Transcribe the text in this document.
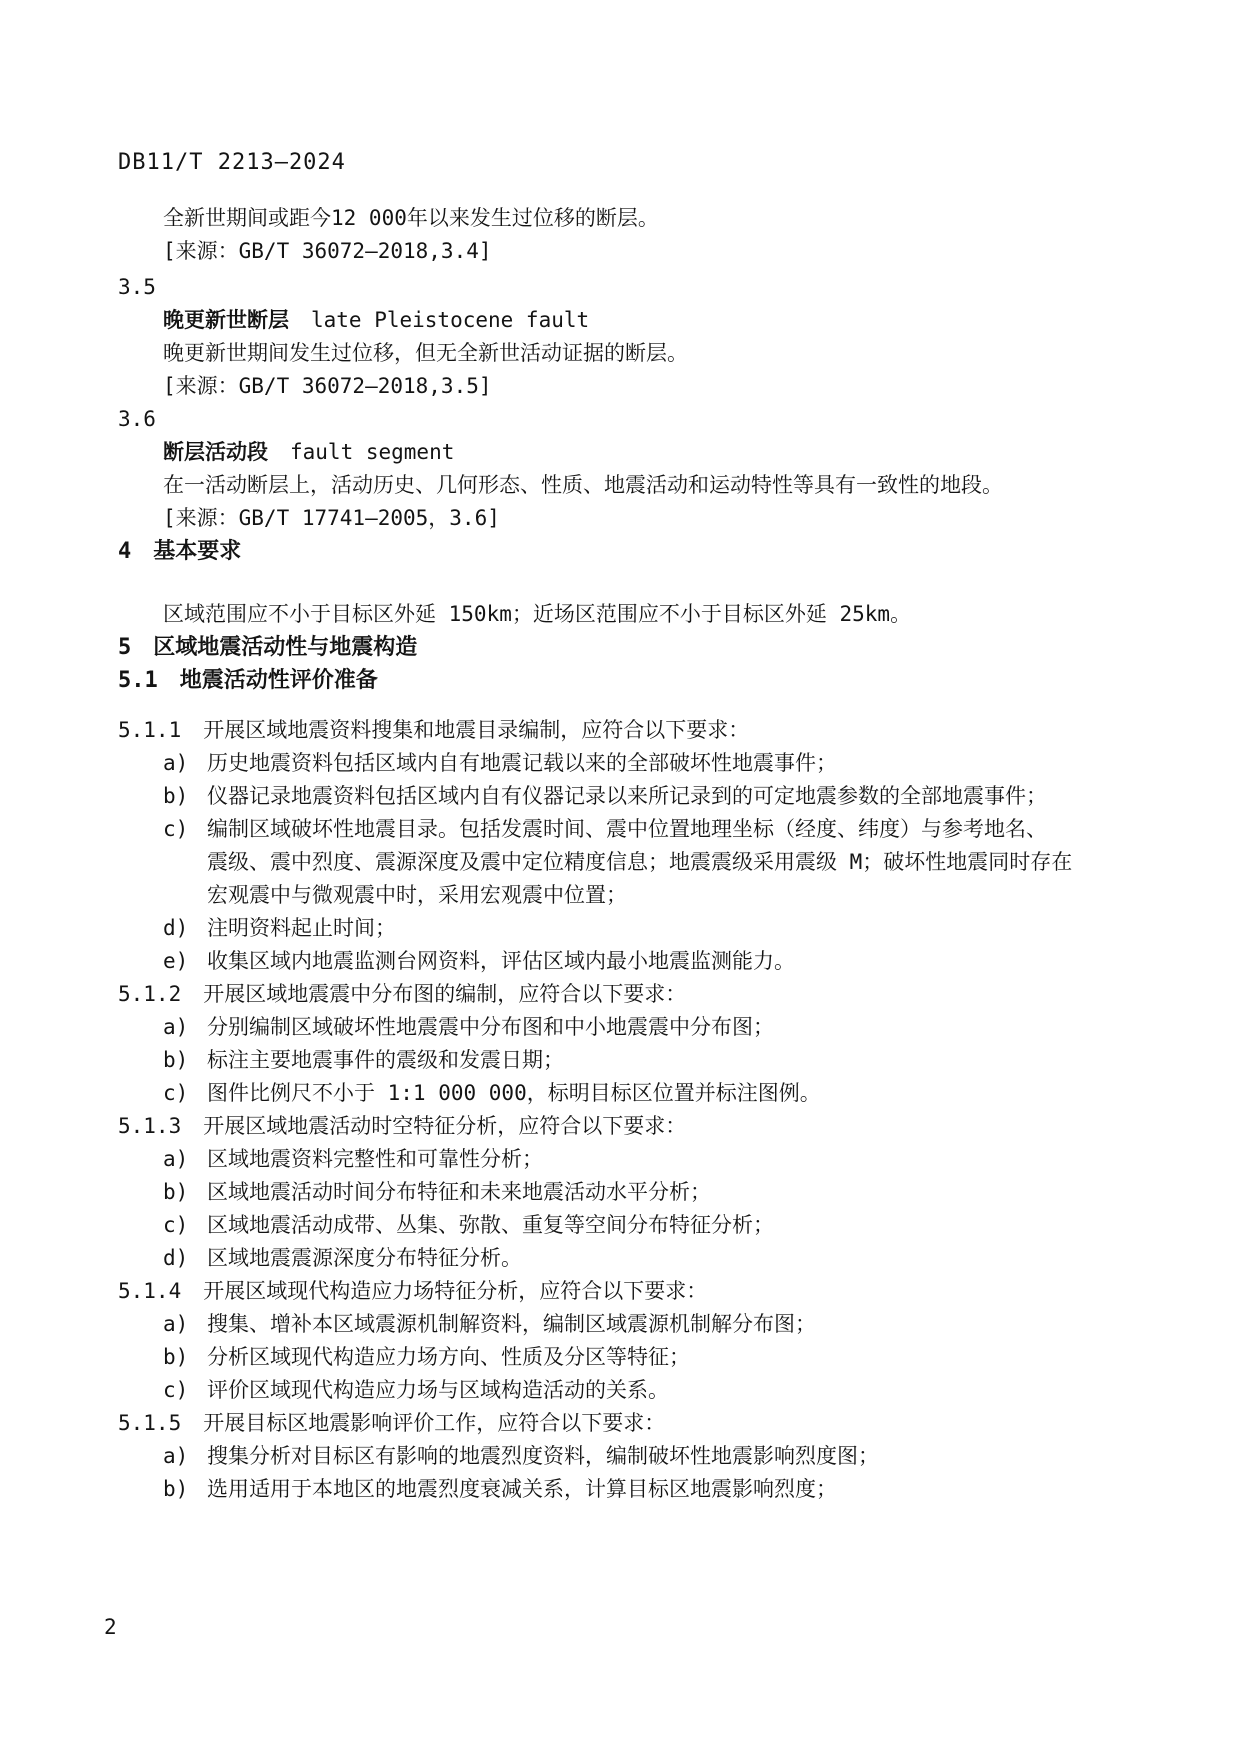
DB11/T 2213—2024
全新世期间或距今12 000年以来发生过位移的断层。
[来源：GB/T 36072—2018,3.4]
3.5
晚更新世断层 late Pleistocene fault
晚更新世期间发生过位移，但无全新世活动证据的断层。
[来源：GB/T 36072—2018,3.5]
3.6
断层活动段 fault segment
在一活动断层上，活动历史、几何形态、性质、地震活动和运动特性等具有一致性的地段。
[来源：GB/T 17741—2005，3.6]
4 基本要求
区域范围应不小于目标区外延 150km；近场区范围应不小于目标区外延 25km。
5 区域地震活动性与地震构造
5.1 地震活动性评价准备
5.1.1 开展区域地震资料搜集和地震目录编制，应符合以下要求：
a) 历史地震资料包括区域内自有地震记载以来的全部破坏性地震事件；
b) 仪器记录地震资料包括区域内自有仪器记录以来所记录到的可定地震参数的全部地震事件；
c) 编制区域破坏性地震目录。包括发震时间、震中位置地理坐标（经度、纬度）与参考地名、
震级、震中烈度、震源深度及震中定位精度信息；地震震级采用震级 M；破坏性地震同时存在
宏观震中与微观震中时，采用宏观震中位置；
d) 注明资料起止时间；
e) 收集区域内地震监测台网资料，评估区域内最小地震监测能力。
5.1.2 开展区域地震震中分布图的编制，应符合以下要求：
a) 分别编制区域破坏性地震震中分布图和中小地震震中分布图；
b) 标注主要地震事件的震级和发震日期；
c) 图件比例尺不小于 1:1 000 000，标明目标区位置并标注图例。
5.1.3 开展区域地震活动时空特征分析，应符合以下要求：
a) 区域地震资料完整性和可靠性分析；
b) 区域地震活动时间分布特征和未来地震活动水平分析；
c) 区域地震活动成带、丛集、弥散、重复等空间分布特征分析；
d) 区域地震震源深度分布特征分析。
5.1.4 开展区域现代构造应力场特征分析，应符合以下要求：
a) 搜集、增补本区域震源机制解资料，编制区域震源机制解分布图；
b) 分析区域现代构造应力场方向、性质及分区等特征；
c) 评价区域现代构造应力场与区域构造活动的关系。
5.1.5 开展目标区地震影响评价工作，应符合以下要求：
a) 搜集分析对目标区有影响的地震烈度资料，编制破坏性地震影响烈度图；
b) 选用适用于本地区的地震烈度衰减关系，计算目标区地震影响烈度；
2
